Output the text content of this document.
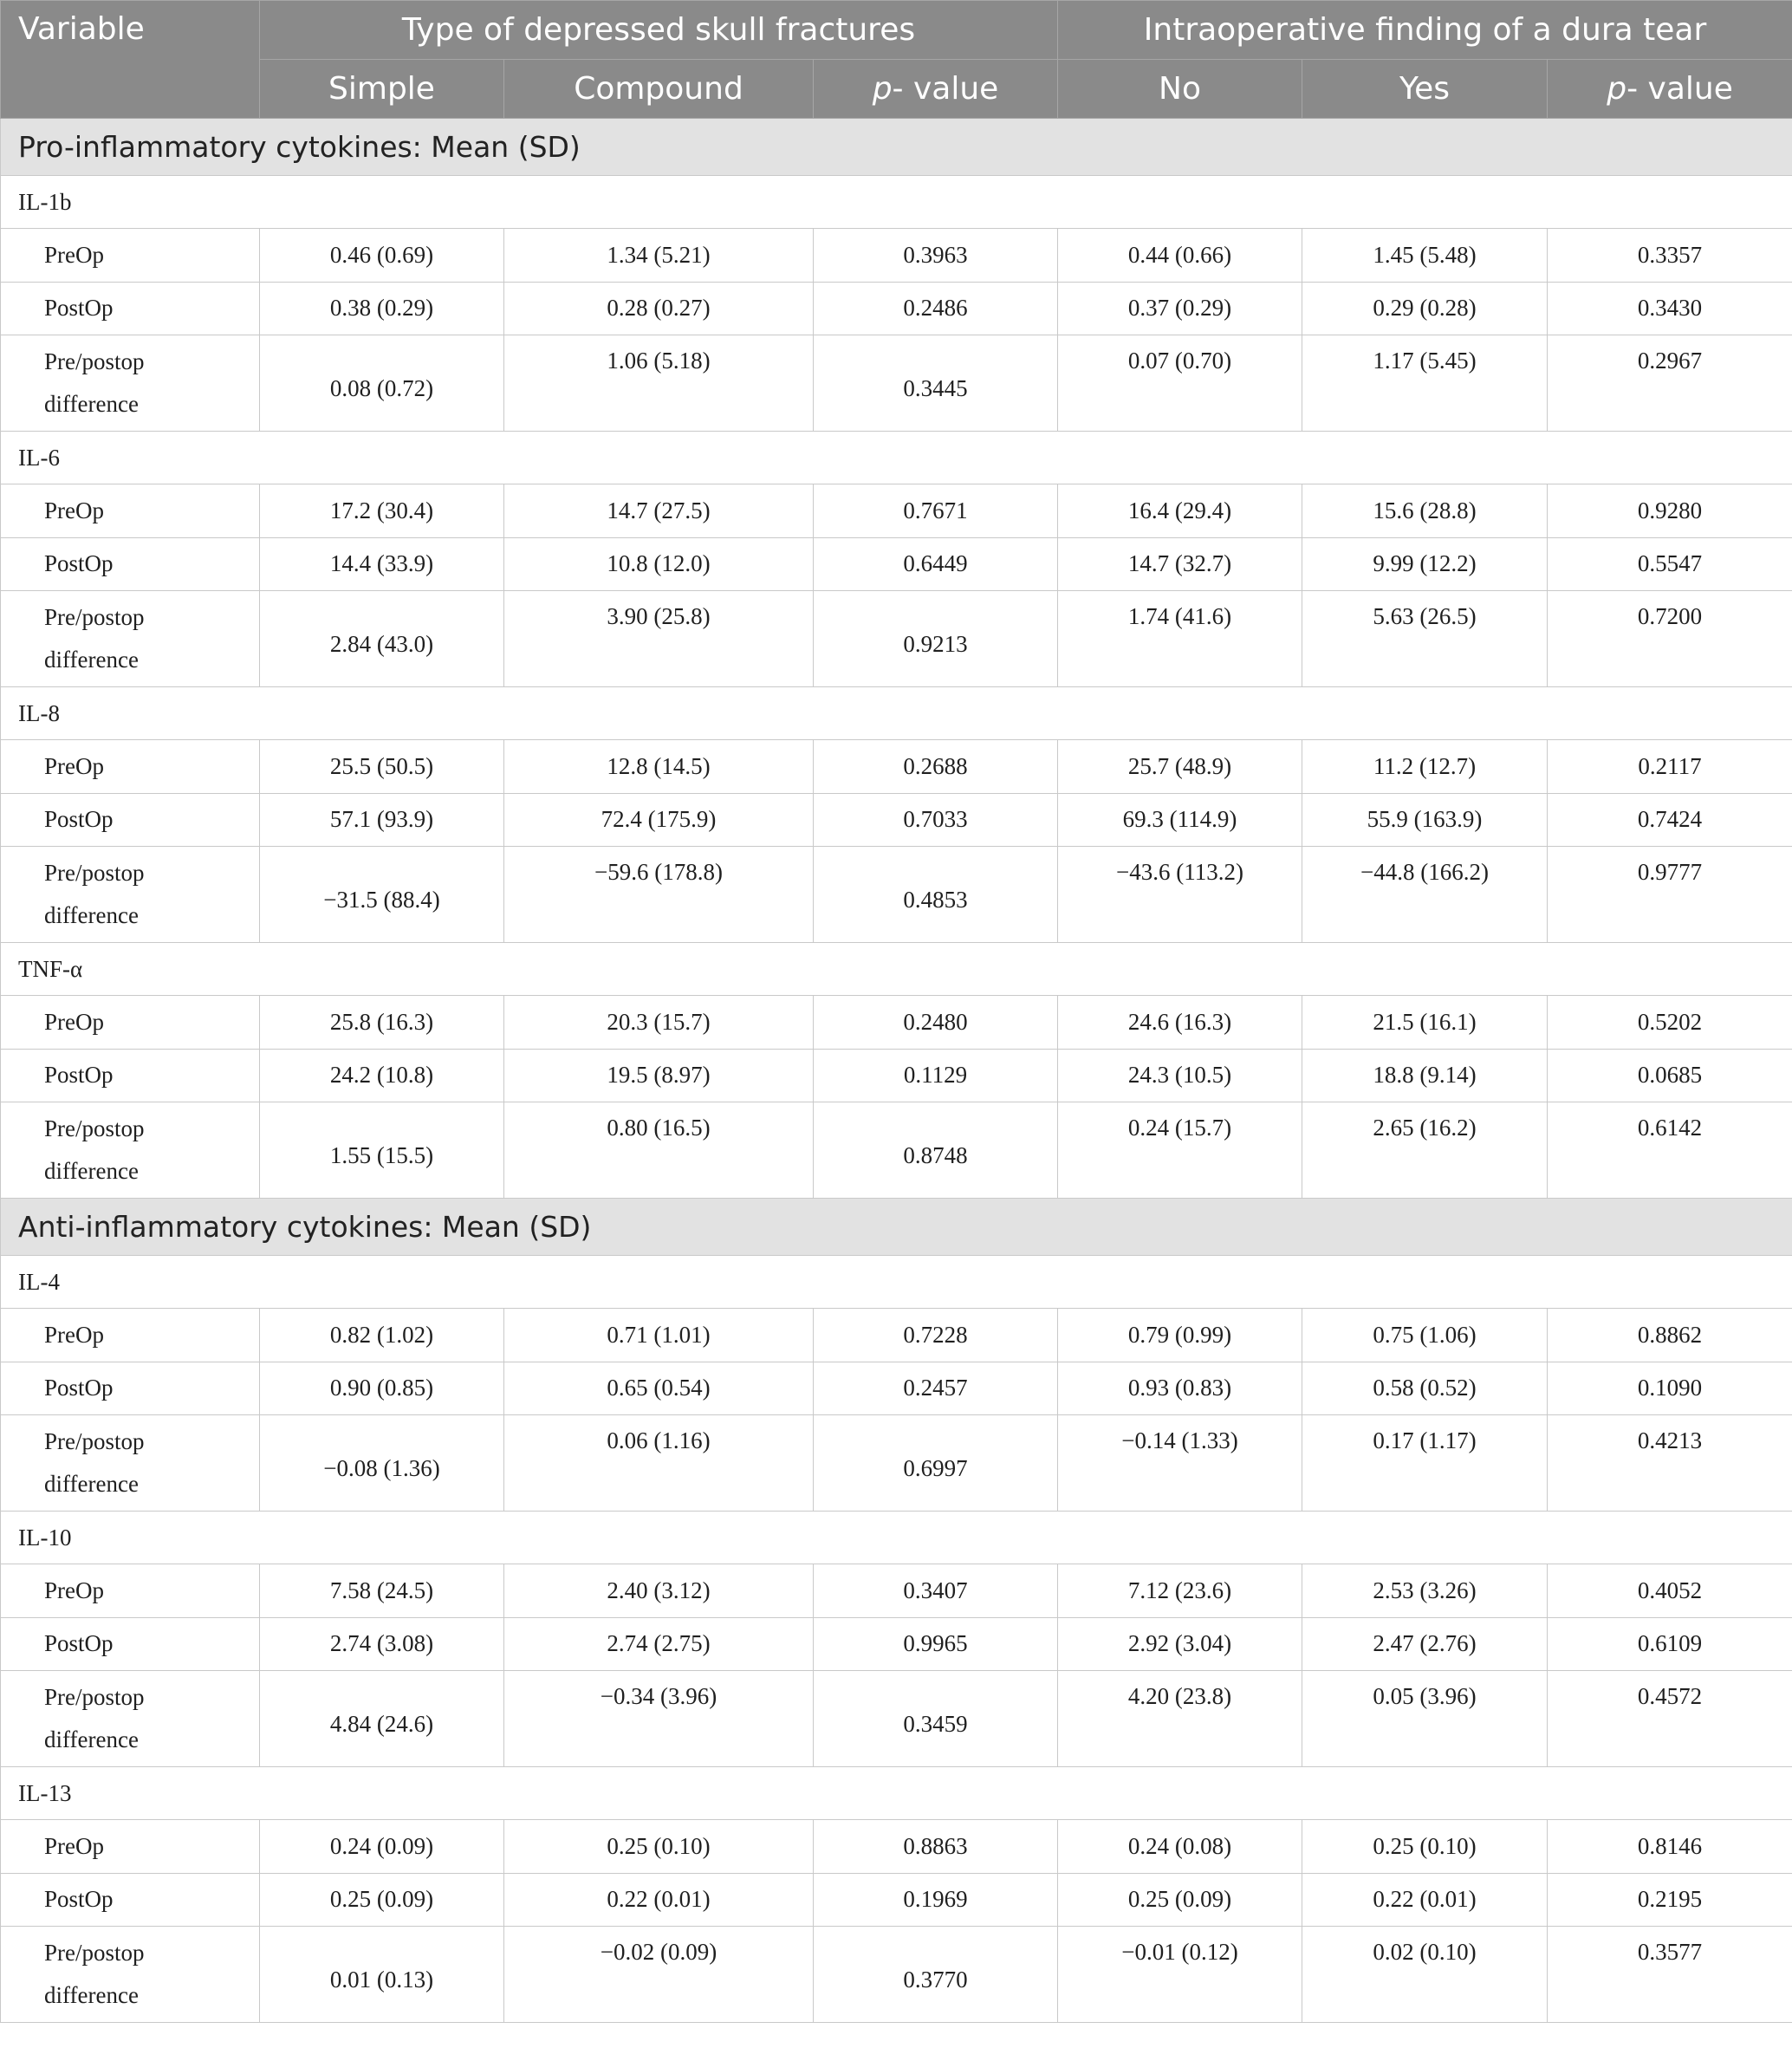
Variable	Type of depressed skull fractures			Intraoperative finding of a dura tear		
	Simple	Compound	p- value	No	Yes	p- value
Pro-inflammatory cytokines: Mean (SD)						
IL-1b						
PreOp	0.46 (0.69)	1.34 (5.21)	0.3963	0.44 (0.66)	1.45 (5.48)	0.3357
PostOp	0.38 (0.29)	0.28 (0.27)	0.2486	0.37 (0.29)	0.29 (0.28)	0.3430

Pre/postop
difference	0.08 (0.72)	1.06 (5.18)	0.3445	0.07 (0.70)	1.17 (5.45)	0.2967
IL-6						
PreOp	17.2 (30.4)	14.7 (27.5)	0.7671	16.4 (29.4)	15.6 (28.8)	0.9280
PostOp	14.4 (33.9)	10.8 (12.0)	0.6449	14.7 (32.7)	9.99 (12.2)	0.5547

Pre/postop
difference	2.84 (43.0)	3.90 (25.8)	0.9213	1.74 (41.6)	5.63 (26.5)	0.7200
IL-8						
PreOp	25.5 (50.5)	12.8 (14.5)	0.2688	25.7 (48.9)	11.2 (12.7)	0.2117
PostOp	57.1 (93.9)	72.4 (175.9)	0.7033	69.3 (114.9)	55.9 (163.9)	0.7424

Pre/postop
difference	−31.5 (88.4)	−59.6 (178.8)	0.4853	−43.6 (113.2)	−44.8 (166.2)	0.9777
TNF-α						
PreOp	25.8 (16.3)	20.3 (15.7)	0.2480	24.6 (16.3)	21.5 (16.1)	0.5202
PostOp	24.2 (10.8)	19.5 (8.97)	0.1129	24.3 (10.5)	18.8 (9.14)	0.0685

Pre/postop
difference	1.55 (15.5)	0.80 (16.5)	0.8748	0.24 (15.7)	2.65 (16.2)	0.6142
Anti-inflammatory cytokines: Mean (SD)						
IL-4						
PreOp	0.82 (1.02)	0.71 (1.01)	0.7228	0.79 (0.99)	0.75 (1.06)	0.8862
PostOp	0.90 (0.85)	0.65 (0.54)	0.2457	0.93 (0.83)	0.58 (0.52)	0.1090

Pre/postop
difference	−0.08 (1.36)	0.06 (1.16)	0.6997	−0.14 (1.33)	0.17 (1.17)	0.4213
IL-10						
PreOp	7.58 (24.5)	2.40 (3.12)	0.3407	7.12 (23.6)	2.53 (3.26)	0.4052
PostOp	2.74 (3.08)	2.74 (2.75)	0.9965	2.92 (3.04)	2.47 (2.76)	0.6109

Pre/postop
difference	4.84 (24.6)	−0.34 (3.96)	0.3459	4.20 (23.8)	0.05 (3.96)	0.4572
IL-13						
PreOp	0.24 (0.09)	0.25 (0.10)	0.8863	0.24 (0.08)	0.25 (0.10)	0.8146
PostOp	0.25 (0.09)	0.22 (0.01)	0.1969	0.25 (0.09)	0.22 (0.01)	0.2195

Pre/postop
difference	0.01 (0.13)	−0.02 (0.09)	0.3770	−0.01 (0.12)	0.02 (0.10)	0.3577
